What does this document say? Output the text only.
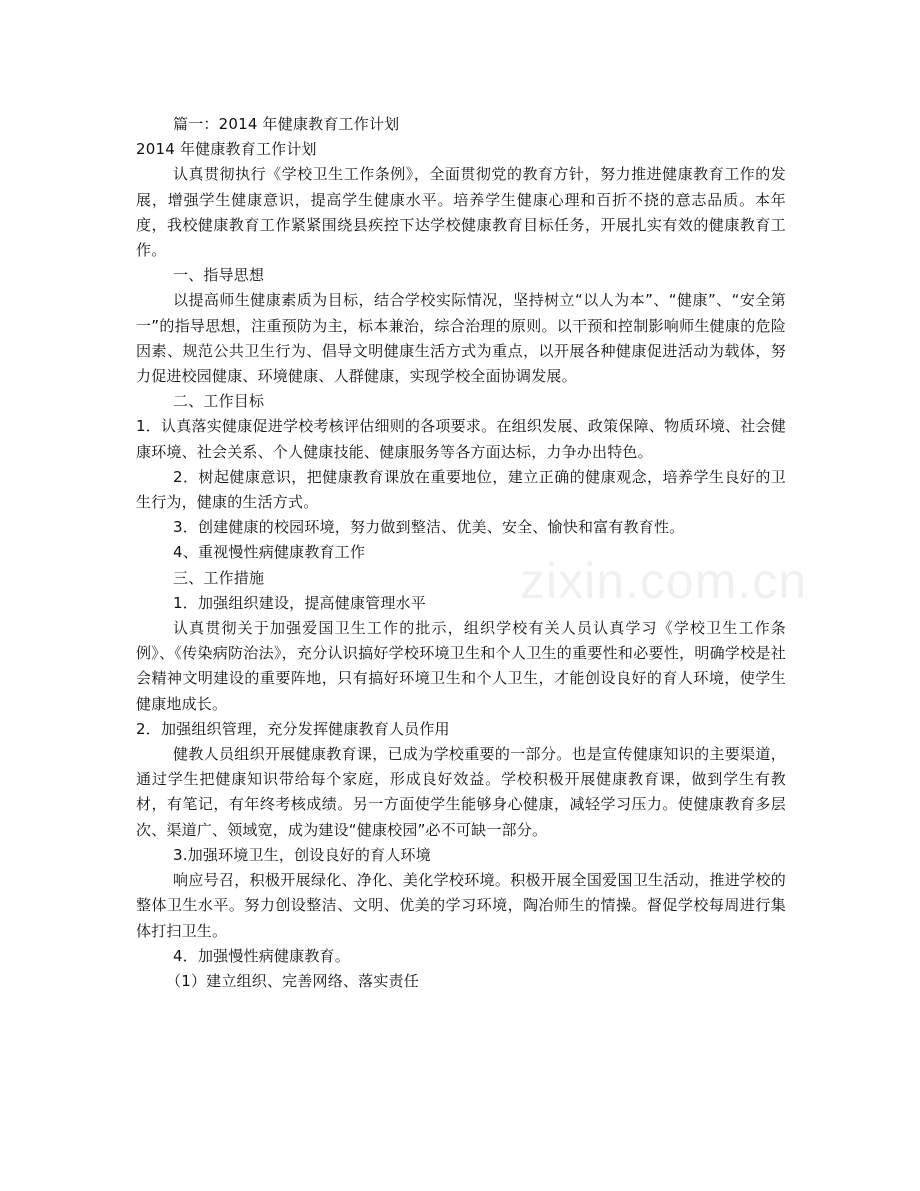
zixin.com.cn

篇一：2014 年健康教育工作计划

2014 年健康教育工作计划

认真贯彻执行《学校卫生工作条例》，全面贯彻党的教育方针，努力推进健康教育工作的发展，增强学生健康意识，提高学生健康水平。培养学生健康心理和百折不挠的意志品质。本年度，我校健康教育工作紧紧围绕县疾控下达学校健康教育目标任务，开展扎实有效的健康教育工作。

一、指导思想

以提高师生健康素质为目标，结合学校实际情况，坚持树立“以人为本”、“健康”、“安全第一”的指导思想，注重预防为主，标本兼治，综合治理的原则。以干预和控制影响师生健康的危险因素、规范公共卫生行为、倡导文明健康生活方式为重点，以开展各种健康促进活动为载体，努力促进校园健康、环境健康、人群健康，实现学校全面协调发展。

二、工作目标

1．认真落实健康促进学校考核评估细则的各项要求。在组织发展、政策保障、物质环境、社会健康环境、社会关系、个人健康技能、健康服务等各方面达标，力争办出特色。

2．树起健康意识，把健康教育课放在重要地位，建立正确的健康观念，培养学生良好的卫生行为，健康的生活方式。

3．创建健康的校园环境，努力做到整洁、优美、安全、愉快和富有教育性。

4、重视慢性病健康教育工作

三、工作措施

1．加强组织建设，提高健康管理水平

认真贯彻关于加强爱国卫生工作的批示，组织学校有关人员认真学习《学校卫生工作条例》、《传染病防治法》，充分认识搞好学校环境卫生和个人卫生的重要性和必要性，明确学校是社会精神文明建设的重要阵地，只有搞好环境卫生和个人卫生，才能创设良好的育人环境，使学生健康地成长。

2．加强组织管理，充分发挥健康教育人员作用

健教人员组织开展健康教育课，已成为学校重要的一部分。也是宣传健康知识的主要渠道，通过学生把健康知识带给每个家庭，形成良好效益。学校积极开展健康教育课，做到学生有教材，有笔记，有年终考核成绩。另一方面使学生能够身心健康，减轻学习压力。使健康教育多层次、渠道广、领域宽，成为建设“健康校园”必不可缺一部分。

3.加强环境卫生，创设良好的育人环境

响应号召，积极开展绿化、净化、美化学校环境。积极开展全国爱国卫生活动，推进学校的整体卫生水平。努力创设整洁、文明、优美的学习环境，陶冶师生的情操。督促学校每周进行集体打扫卫生。

4．加强慢性病健康教育。

（1）建立组织、完善网络、落实责任
